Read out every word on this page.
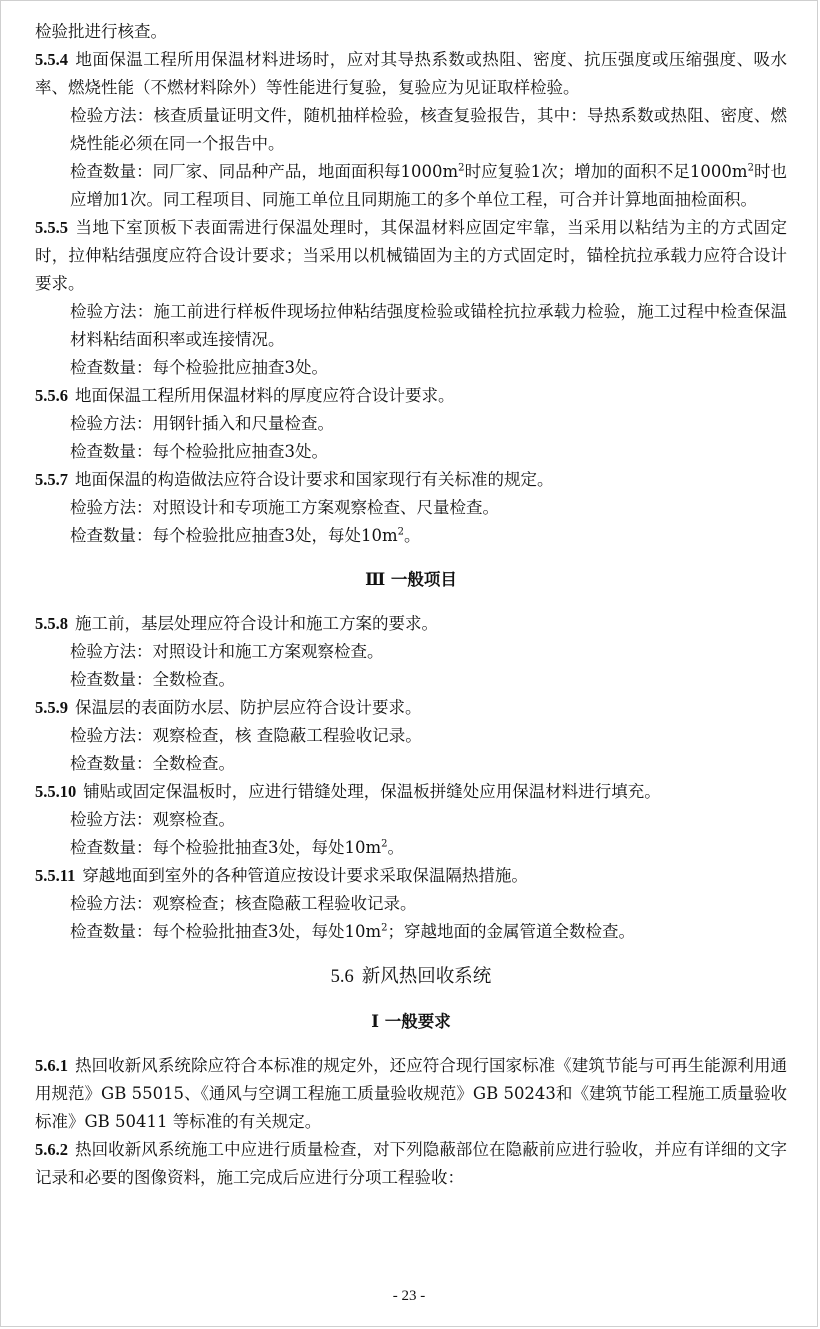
检验批进行核查。

5.5.4 地面保温工程所用保温材料进场时，应对其导热系数或热阻、密度、抗压强度或压缩强度、吸水率、燃烧性能（不燃材料除外）等性能进行复验，复验应为见证取样检验。

检验方法：核查质量证明文件，随机抽样检验，核查复验报告，其中：导热系数或热阻、密度、燃烧性能必须在同一个报告中。

检查数量：同厂家、同品种产品，地面面积每$1000m^2$时应复验1次；增加的面积不足$1000m^2$时也应增加1次。同工程项目、同施工单位且同期施工的多个单位工程，可合并计算地面抽检面积。

5.5.5 当地下室顶板下表面需进行保温处理时，其保温材料应固定牢靠，当采用以粘结为主的方式固定时，拉伸粘结强度应符合设计要求；当采用以机械锚固为主的方式固定时，锚栓抗拉承载力应符合设计要求。

检验方法：施工前进行样板件现场拉伸粘结强度检验或锚栓抗拉承载力检验，施工过程中检查保温材料粘结面积率或连接情况。

检查数量：每个检验批应抽查3处。

5.5.6 地面保温工程所用保温材料的厚度应符合设计要求。

检验方法：用钢针插入和尺量检查。

检查数量：每个检验批应抽查3处。

5.5.7 地面保温的构造做法应符合设计要求和国家现行有关标准的规定。

检验方法：对照设计和专项施工方案观察检查、尺量检查。

检查数量：每个检验批应抽查3处，每处$10m^2$。

Ⅲ 一般项目

5.5.8 施工前，基层处理应符合设计和施工方案的要求。

检验方法：对照设计和施工方案观察检查。

检查数量：全数检查。

5.5.9 保温层的表面防水层、防护层应符合设计要求。

检验方法：观察检查，核 查隐蔽工程验收记录。

检查数量：全数检查。

5.5.10 铺贴或固定保温板时，应进行错缝处理，保温板拼缝处应用保温材料进行填充。

检验方法：观察检查。

检查数量：每个检验批抽查3处，每处$10m^2$。

5.5.11 穿越地面到室外的各种管道应按设计要求采取保温隔热措施。

检验方法：观察检查；核查隐蔽工程验收记录。

检查数量：每个检验批抽查3处，每处$10m^2$；穿越地面的金属管道全数检查。

5.6 新风热回收系统
Ⅰ 一般要求

5.6.1 热回收新风系统除应符合本标准的规定外，还应符合现行国家标准《建筑节能与可再生能源利用通用规范》GB 55015、《通风与空调工程施工质量验收规范》GB 50243和《建筑节能工程施工质量验收标准》GB 50411 等标准的有关规定。

5.6.2 热回收新风系统施工中应进行质量检查，对下列隐蔽部位在隐蔽前应进行验收，并应有详细的文字记录和必要的图像资料，施工完成后应进行分项工程验收：

- 23 -
